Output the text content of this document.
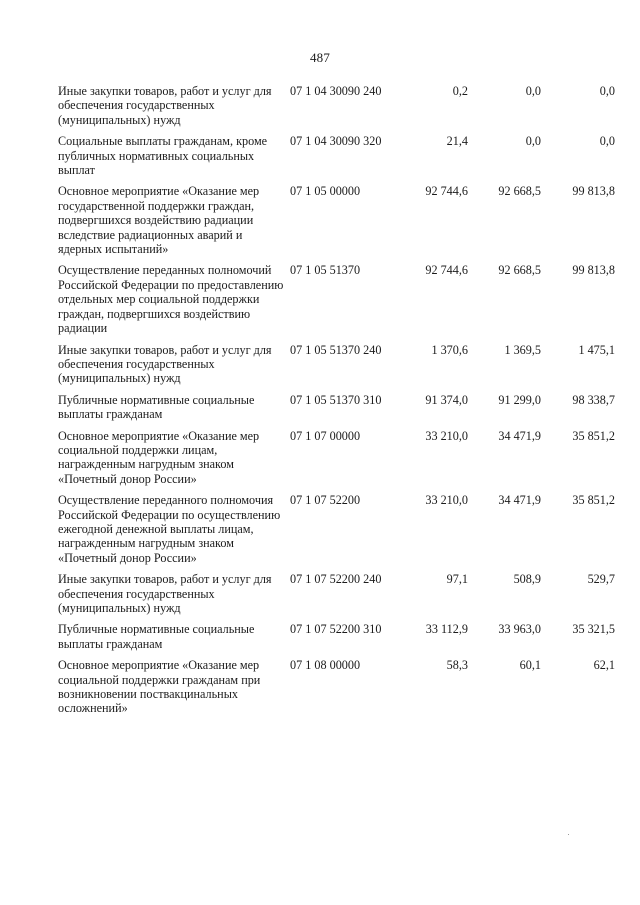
487
Иные закупки товаров, работ и услуг для обеспечения государственных (муниципальных) нужд
07 1 04 30090 240	0,2	0,0	0,0
Социальные выплаты гражданам, кроме публичных нормативных социальных выплат
07 1 04 30090 320	21,4	0,0	0,0
Основное мероприятие «Оказание мер государственной поддержки граждан, подвергшихся воздействию радиации вследствие радиационных аварий и ядерных испытаний»
07 1 05 00000	92 744,6	92 668,5	99 813,8
Осуществление переданных полномочий Российской Федерации по предоставлению отдельных мер социальной поддержки граждан, подвергшихся воздействию радиации
07 1 05 51370	92 744,6	92 668,5	99 813,8
Иные закупки товаров, работ и услуг для обеспечения государственных (муниципальных) нужд
07 1 05 51370 240	1 370,6	1 369,5	1 475,1
Публичные нормативные социальные выплаты гражданам
07 1 05 51370 310	91 374,0	91 299,0	98 338,7
Основное мероприятие «Оказание мер социальной поддержки лицам, награжденным нагрудным знаком «Почетный донор России»
07 1 07 00000	33 210,0	34 471,9	35 851,2
Осуществление переданного полномочия Российской Федерации по осуществлению ежегодной денежной выплаты лицам, награжденным нагрудным знаком «Почетный донор России»
07 1 07 52200	33 210,0	34 471,9	35 851,2
Иные закупки товаров, работ и услуг для обеспечения государственных (муниципальных) нужд
07 1 07 52200 240	97,1	508,9	529,7
Публичные нормативные социальные выплаты гражданам
07 1 07 52200 310	33 112,9	33 963,0	35 321,5
Основное мероприятие «Оказание мер социальной поддержки гражданам при возникновении поствакцинальных осложнений»
07 1 08 00000	58,3	60,1	62,1
